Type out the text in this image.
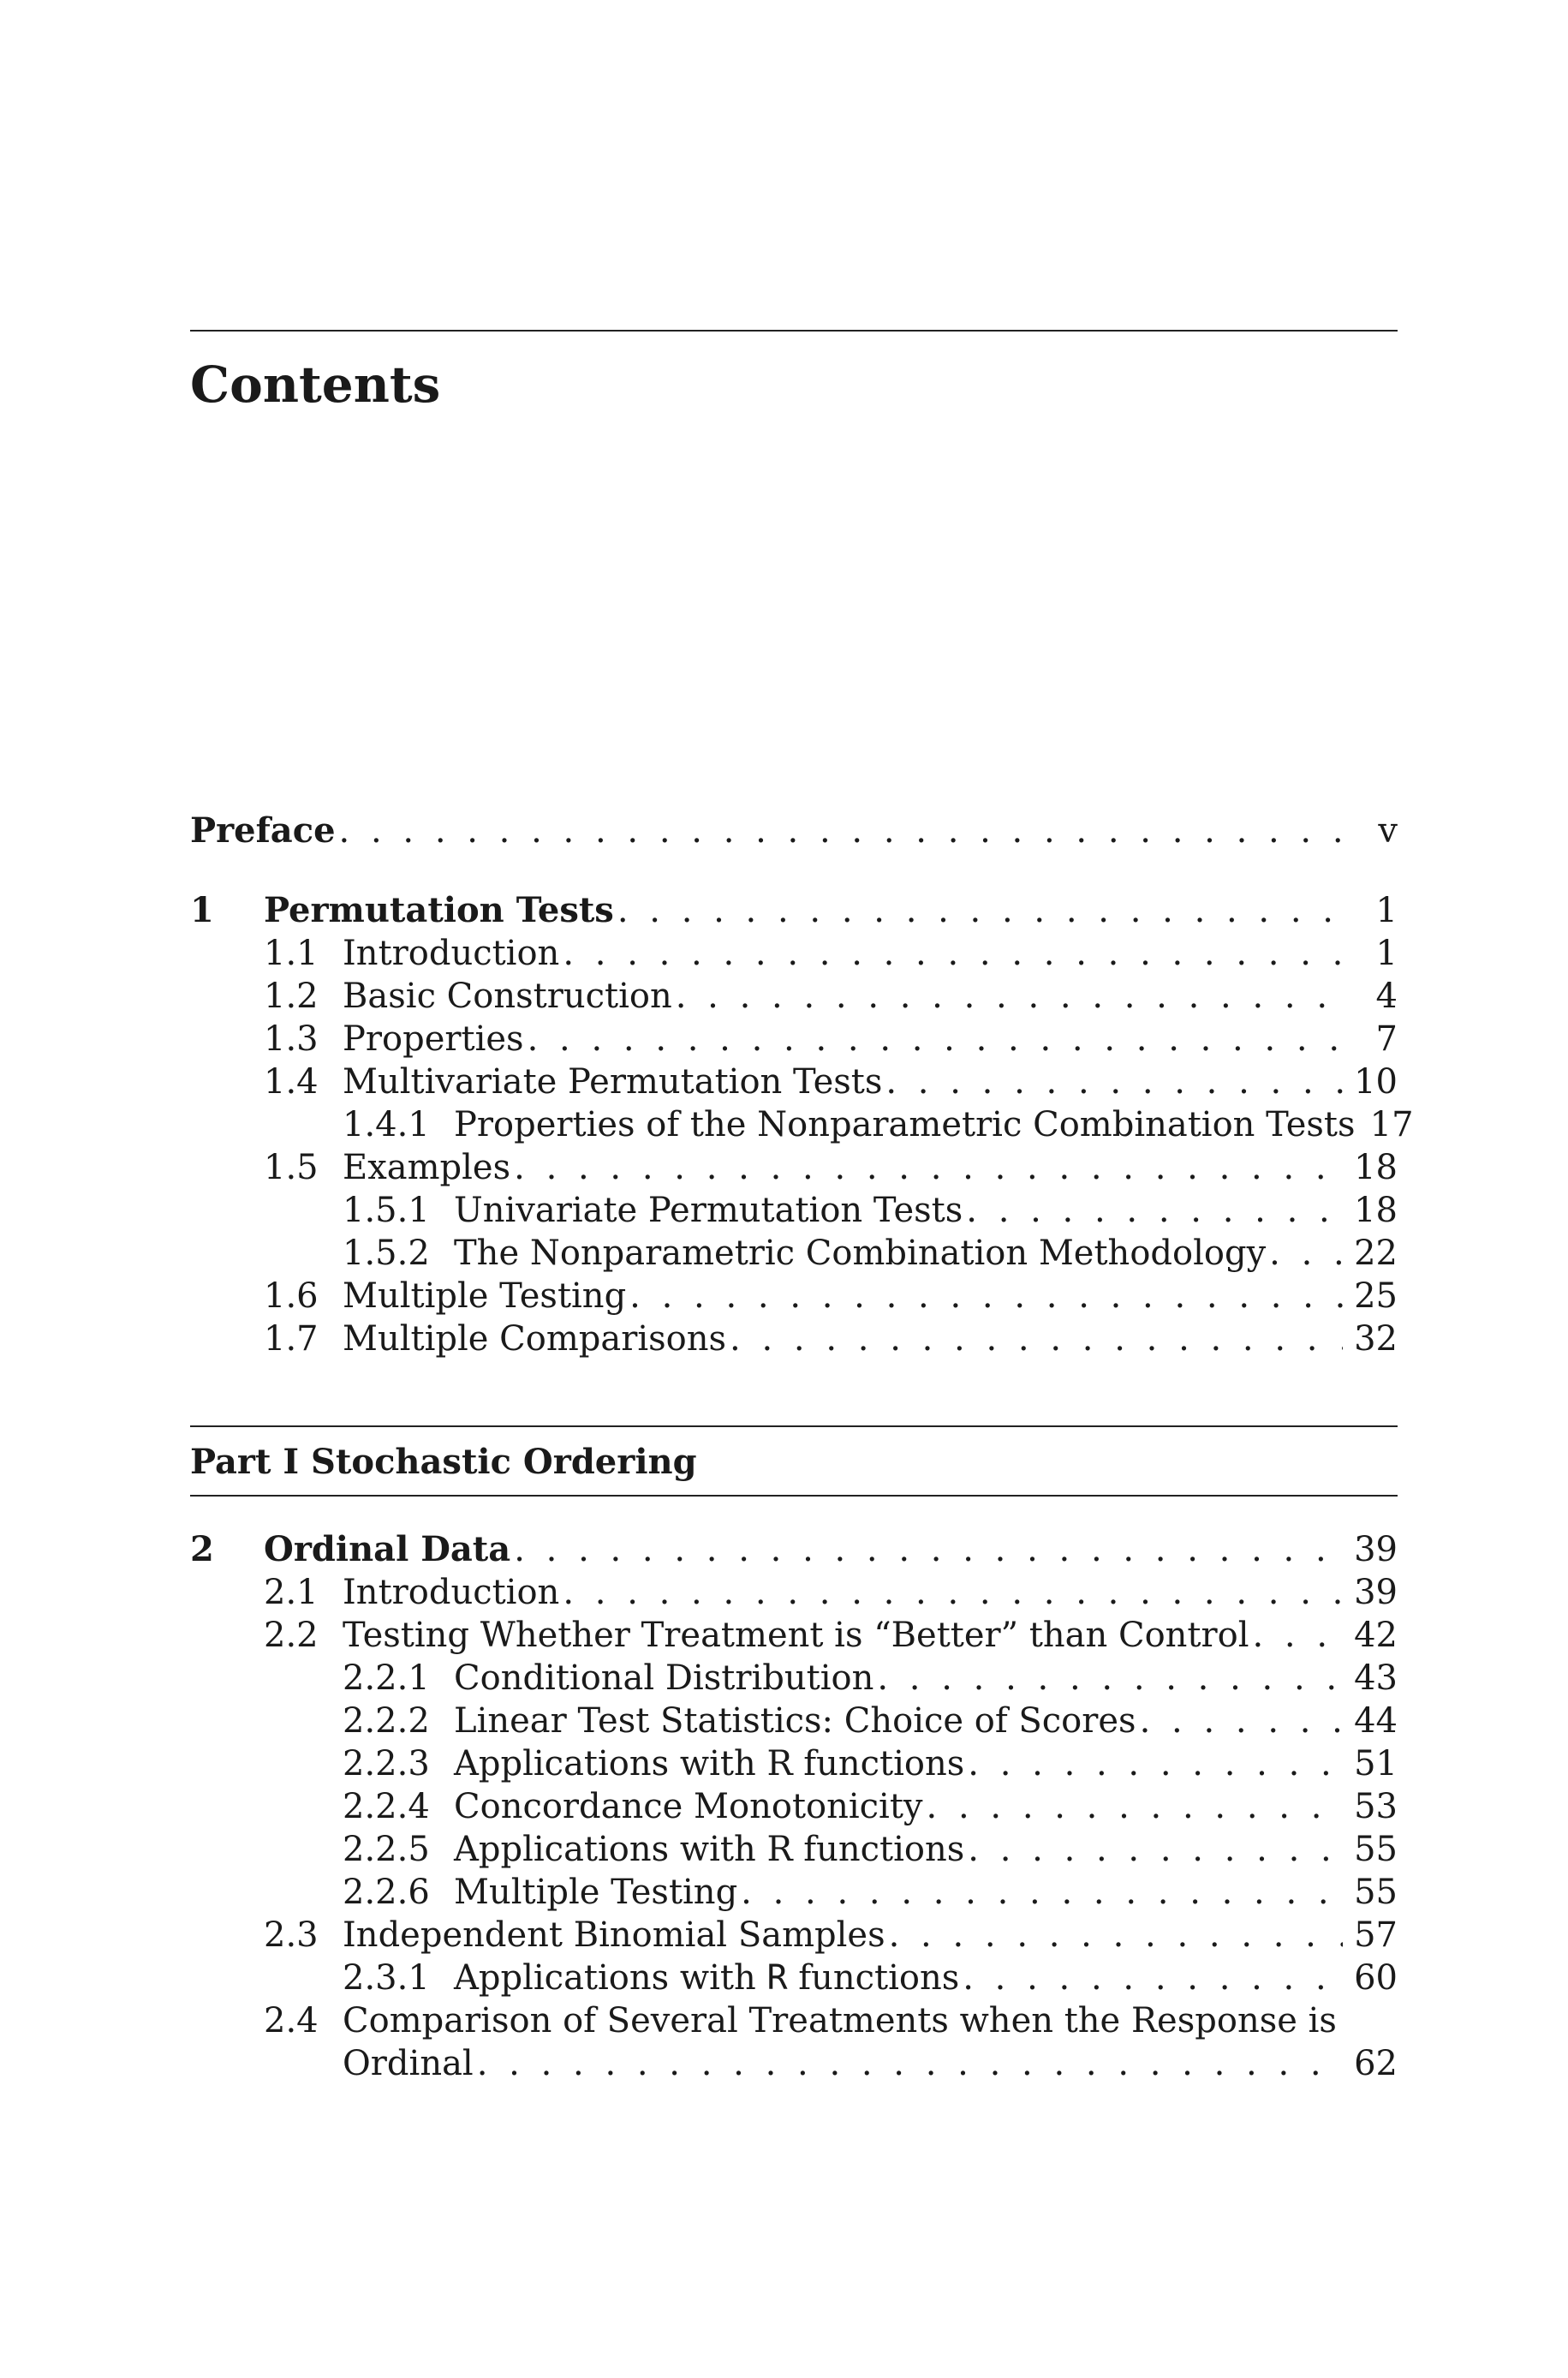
Contents
Preface . . .	v
1 Permutation Tests . . .	1
1.1 Introduction . . .	1
1.2 Basic Construction . . .	4
1.3 Properties . . .	7
1.4 Multivariate Permutation Tests . . .	10
1.4.1 Properties of the Nonparametric Combination Tests 17
1.5 Examples . . .	18
1.5.1 Univariate Permutation Tests . . .	18
1.5.2 The Nonparametric Combination Methodology . . .	22
1.6 Multiple Testing . . .	25
1.7 Multiple Comparisons . . .	32
Part I Stochastic Ordering
2 Ordinal Data . . .	39
2.1 Introduction . . .	39
2.2 Testing Whether Treatment is “Better” than Control . . .	42
2.2.1 Conditional Distribution . . .	43
2.2.2 Linear Test Statistics: Choice of Scores . . .	44
2.2.3 Applications with R functions . . .	51
2.2.4 Concordance Monotonicity . . .	53
2.2.5 Applications with R functions . . .	55
2.2.6 Multiple Testing . . .	55
2.3 Independent Binomial Samples . . .	57
2.3.1 Applications with R functions . . .	60
2.4 Comparison of Several Treatments when the Response is
Ordinal . . .	62
